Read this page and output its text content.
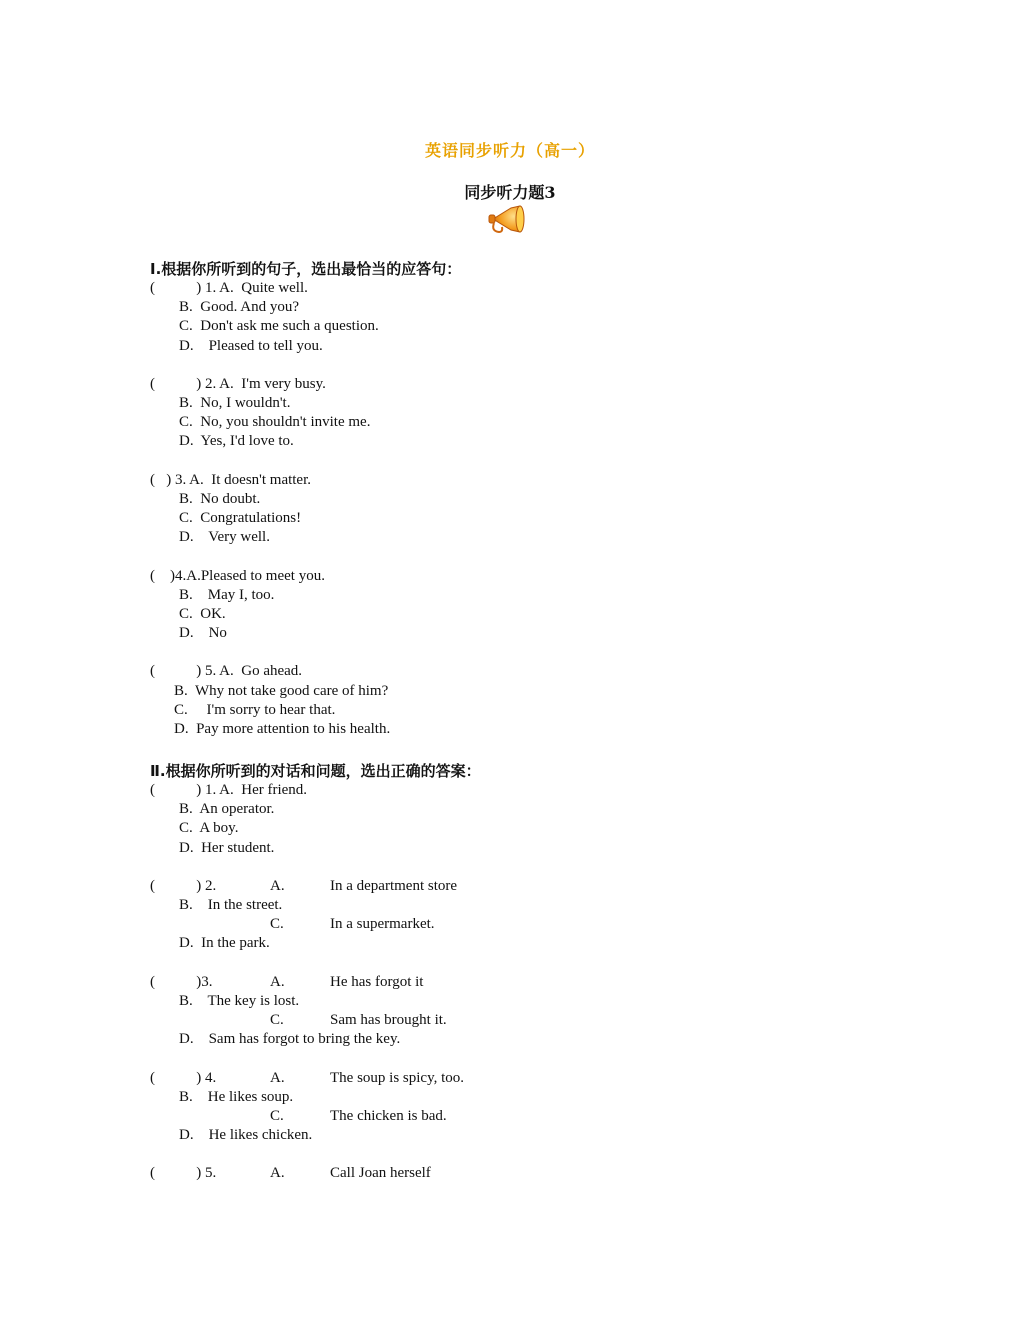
英语同步听力（高一）
同步听力题3
Ⅰ.根据你所听到的句子，选出最恰当的应答句：
(           ) 1. A.  Quite well.
B.  Good. And you?
C.  Don't ask me such a question.
D.    Pleased to tell you.
(           ) 2. A.  I'm very busy.
B.  No, I wouldn't.
C.  No, you shouldn't invite me.
D.  Yes, I'd love to.
(   ) 3. A.  It doesn't matter.
B.  No doubt.
C.  Congratulations!
D.    Very well.
(    )4.A.Pleased to meet you.
B.    May I, too.
C.  OK.
D.    No
(           ) 5. A.  Go ahead.
B.  Why not take good care of him?
C.     I'm sorry to hear that.
D.  Pay more attention to his health.
Ⅱ.根据你所听到的对话和问题，选出正确的答案：
(           ) 1. A.  Her friend.
B.  An operator.
C.  A boy.
D.  Her student.
(           ) 2.	A.	In a department store
B.    In the street.
C.	In a supermarket.
D.  In the park.
(           )3.	A.	He has forgot it
B.    The key is lost.
C.	Sam has brought it.
D.    Sam has forgot to bring the key.
(           ) 4.	A.	The soup is spicy, too.
B.    He likes soup.
C.	The chicken is bad.
D.    He likes chicken.
(           ) 5.	A.	Call Joan herself
